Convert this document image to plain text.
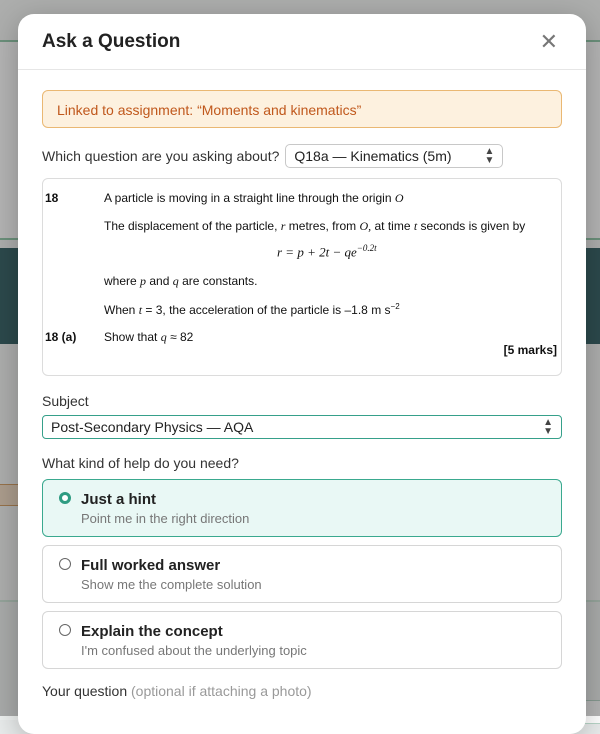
Ask a Question	✕
Linked to assignment: “Moments and kinematics”
Which question are you asking about? Q18a — Kinematics (5m)	▲
▼
18	A particle is moving in a straight line through the origin O
The displacement of the particle, r metres, from O, at time t seconds is given by
$r = p + 2t - qe^{-0.2t}$
where p and q are constants.
When t = 3, the acceleration of the particle is –1.8 m $s^{-2}$
18 (a) Show that q ≈ 82
[5 marks]
Subject
Post-Secondary Physics — AQA	▲
▼
What kind of help do you need?
Just a hint
Point me in the right direction
Full worked answer
Show me the complete solution
Explain the concept
I'm confused about the underlying topic
Your question (optional if attaching a photo)
